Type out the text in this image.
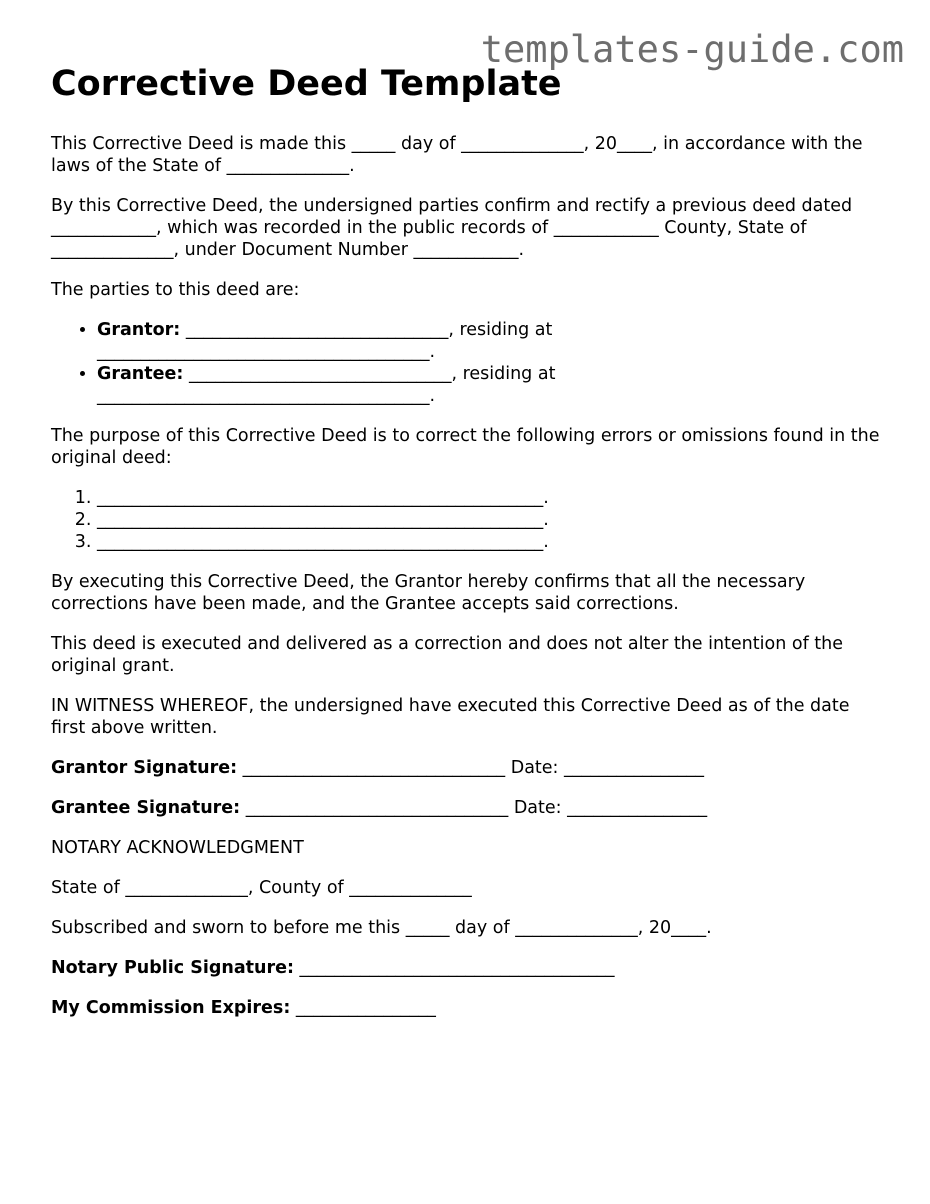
templates-guide.com
Corrective Deed Template

This Corrective Deed is made this _____ day of ______________, 20____, in accordance with the laws of the State of ______________.

By this Corrective Deed, the undersigned parties confirm and rectify a previous deed dated ____________, which was recorded in the public records of ____________ County, State of ______________, under Document Number ____________.

The parties to this deed are:

• Grantor: ______________________________, residing at ______________________________________.
• Grantee: ______________________________, residing at ______________________________________.

The purpose of this Corrective Deed is to correct the following errors or omissions found in the original deed:

1. ___________________________________________________.
2. ___________________________________________________.
3. ___________________________________________________.

By executing this Corrective Deed, the Grantor hereby confirms that all the necessary corrections have been made, and the Grantee accepts said corrections.

This deed is executed and delivered as a correction and does not alter the intention of the original grant.

IN WITNESS WHEREOF, the undersigned have executed this Corrective Deed as of the date first above written.

Grantor Signature: ______________________________ Date: ________________

Grantee Signature: ______________________________ Date: ________________

NOTARY ACKNOWLEDGMENT

State of ______________, County of ______________

Subscribed and sworn to before me this _____ day of ______________, 20____.

Notary Public Signature: ____________________________________

My Commission Expires: ________________
